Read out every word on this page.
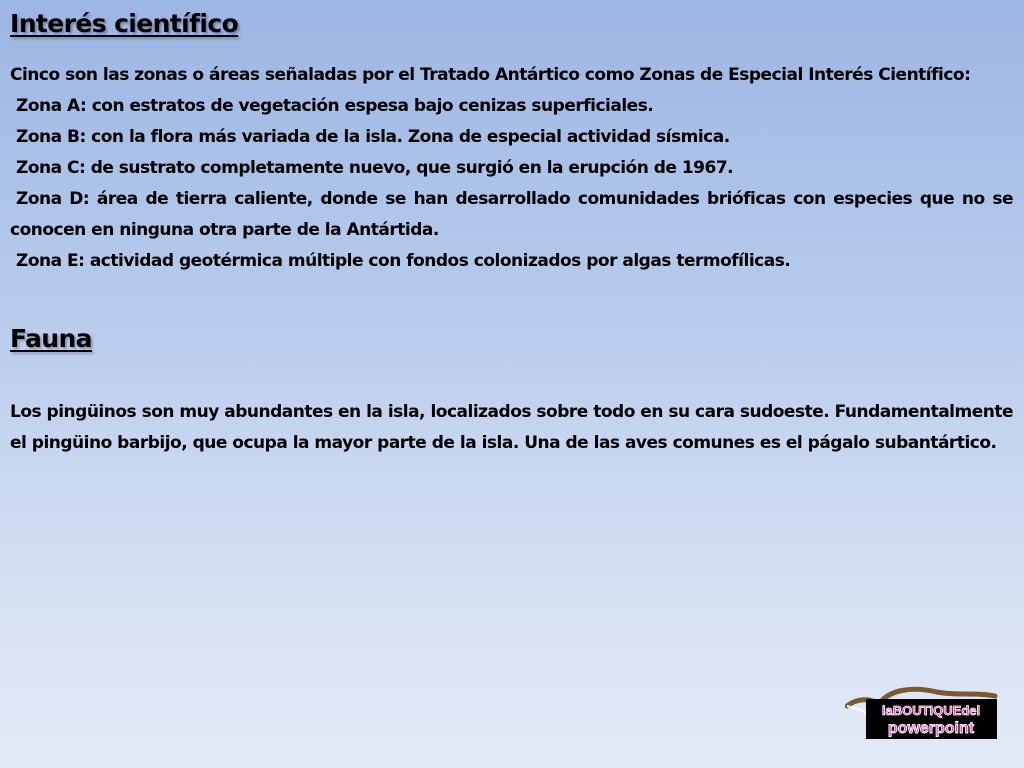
Interés científico

Cinco son las zonas o áreas señaladas por el Tratado Antártico como Zonas de Especial Interés Científico:

Zona A: con estratos de vegetación espesa bajo cenizas superficiales.

Zona B: con la flora más variada de la isla. Zona de especial actividad sísmica.

Zona C: de sustrato completamente nuevo, que surgió en la erupción de 1967.

Zona D: área de tierra caliente, donde se han desarrollado comunidades brióficas con especies que no se conocen en ninguna otra parte de la Antártida.

Zona E: actividad geotérmica múltiple con fondos colonizados por algas termofílicas.

Fauna

Los pingüinos son muy abundantes en la isla, localizados sobre todo en su cara sudoeste. Fundamentalmente el pingüino barbijo, que ocupa la mayor parte de la isla. Una de las aves comunes es el págalo subantártico.

laBOUTIQUEdel
powerpoint
